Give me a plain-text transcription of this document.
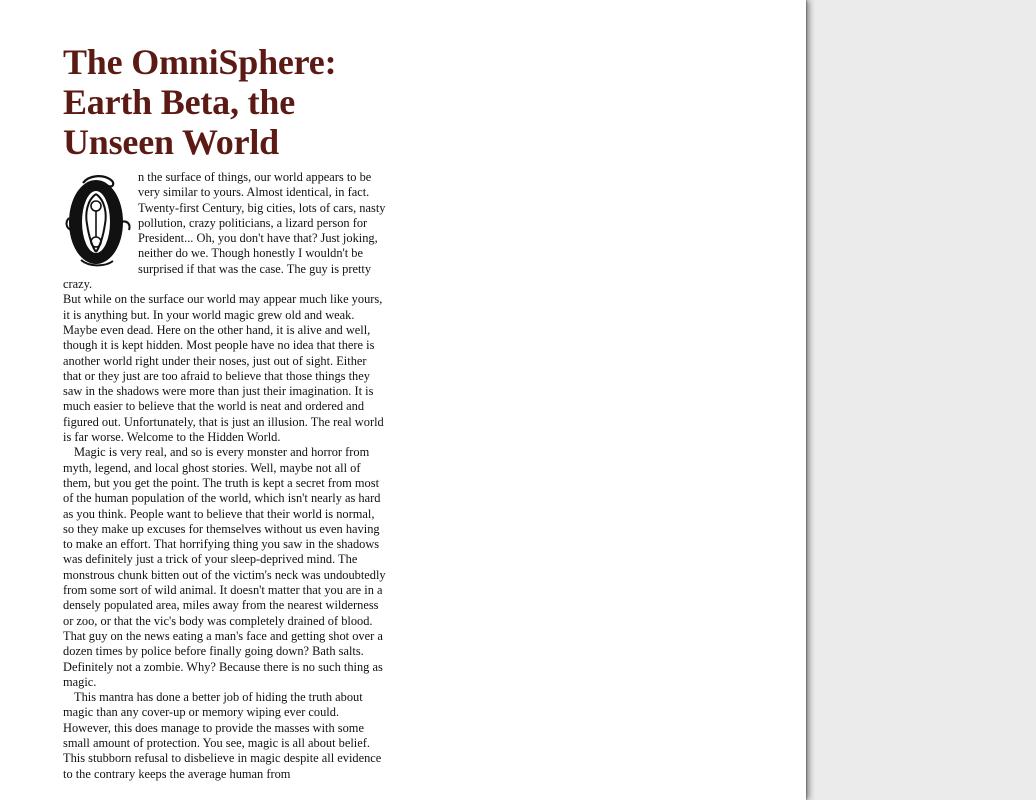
The OmniSphere: Earth Beta, the Unseen World
n the surface of things, our world appears to be very similar to yours. Almost identical, in fact. Twenty-first Century, big cities, lots of cars, nasty pollution, crazy politicians, a lizard person for President... Oh, you don't have that? Just joking, neither do we. Though honestly I wouldn't be surprised if that was the case. The guy is pretty crazy.

But while on the surface our world may appear much like yours, it is anything but. In your world magic grew old and weak. Maybe even dead. Here on the other hand, it is alive and well, though it is kept hidden. Most people have no idea that there is another world right under their noses, just out of sight. Either that or they just are too afraid to believe that those things they saw in the shadows were more than just their imagination. It is much easier to believe that the world is neat and ordered and figured out. Unfortunately, that is just an illusion. The real world is far worse. Welcome to the Hidden World.

Magic is very real, and so is every monster and horror from myth, legend, and local ghost stories. Well, maybe not all of them, but you get the point. The truth is kept a secret from most of the human population of the world, which isn't nearly as hard as you think. People want to believe that their world is normal, so they make up excuses for themselves without us even having to make an effort. That horrifying thing you saw in the shadows was definitely just a trick of your sleep-deprived mind. The monstrous chunk bitten out of the victim's neck was undoubtedly from some sort of wild animal. It doesn't matter that you are in a densely populated area, miles away from the nearest wilderness or zoo, or that the vic's body was completely drained of blood. That guy on the news eating a man's face and getting shot over a dozen times by police before finally going down? Bath salts. Definitely not a zombie. Why? Because there is no such thing as magic.

This mantra has done a better job of hiding the truth about magic than any cover-up or memory wiping ever could. However, this does manage to provide the masses with some small amount of protection. You see, magic is all about belief. This stubborn refusal to disbelieve in magic despite all evidence to the contrary keeps the average human from
